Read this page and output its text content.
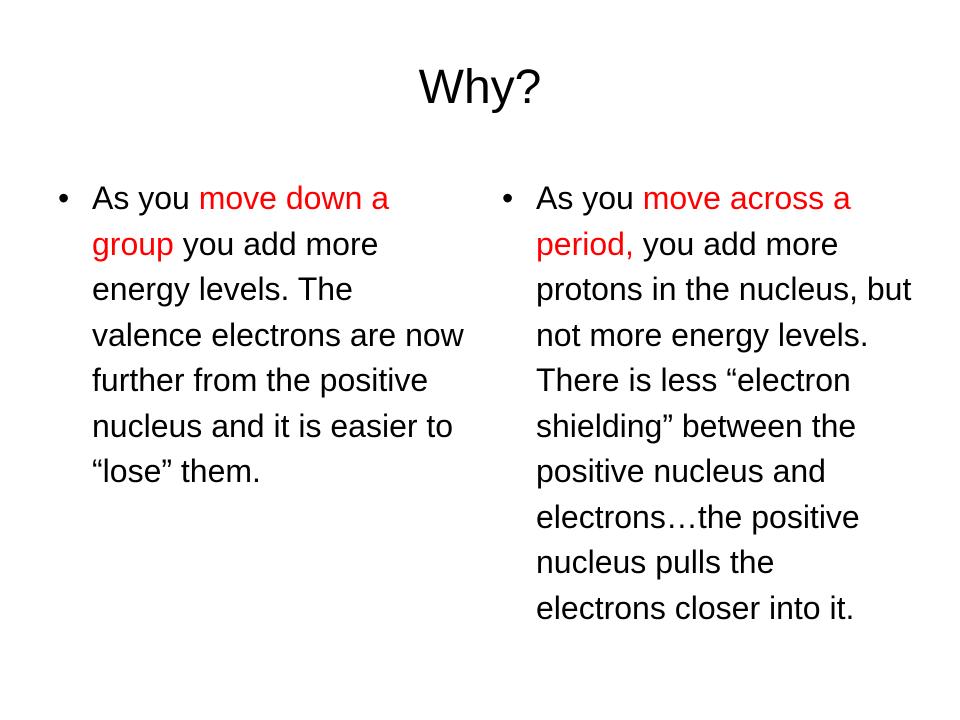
Why?
• As you move down a group you add more energy levels. The valence electrons are now further from the positive nucleus and it is easier to “lose” them.
• As you move across a period, you add more protons in the nucleus, but not more energy levels. There is less “electron shielding” between the positive nucleus and electrons…the positive nucleus pulls the electrons closer into it.
